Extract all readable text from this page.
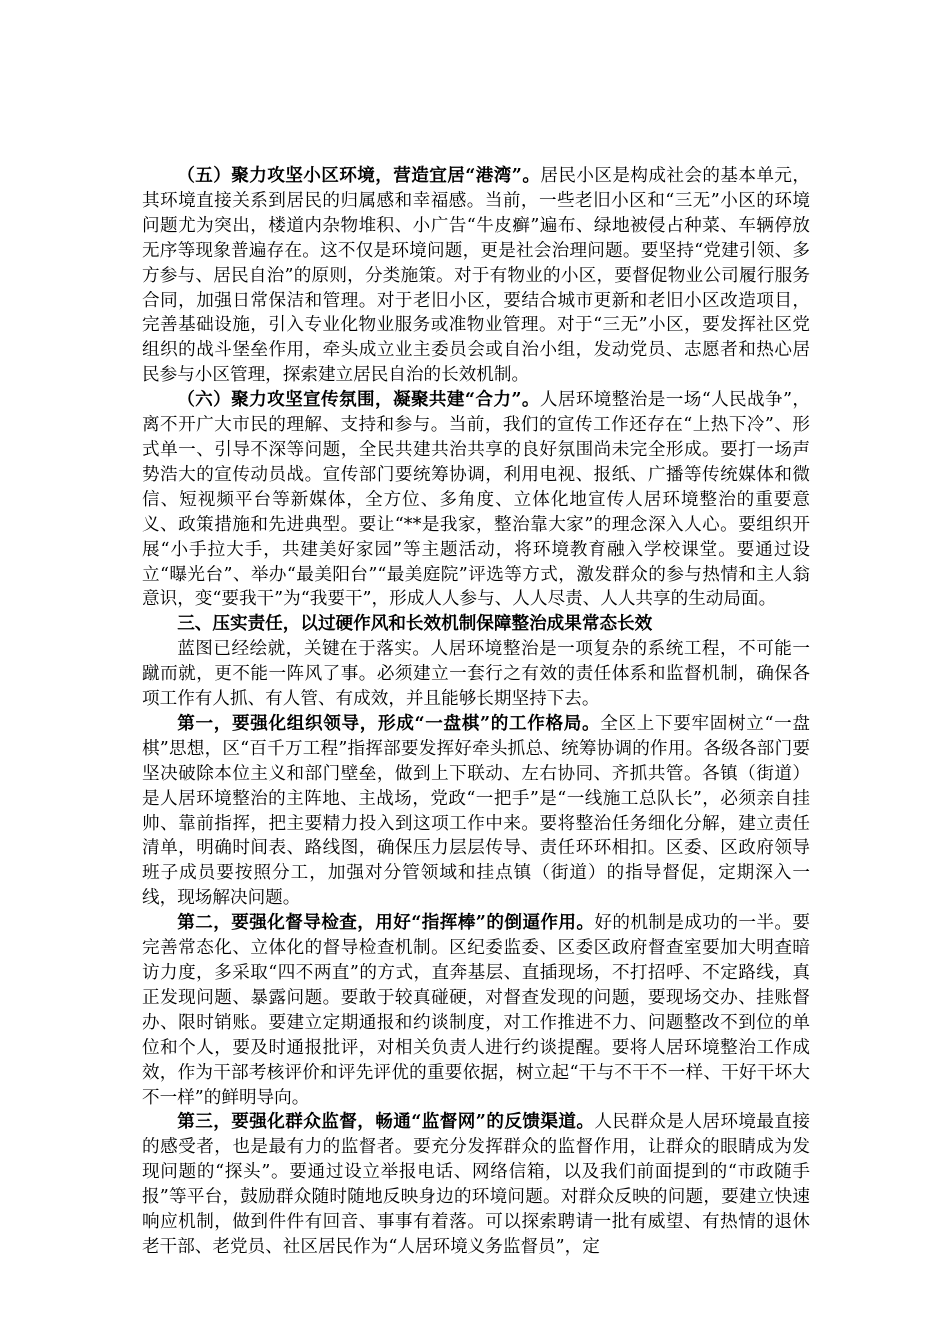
（五）聚力攻坚小区环境，营造宜居“港湾”。居民小区是构成社会的基本单元，其环境直接关系到居民的归属感和幸福感。当前，一些老旧小区和“三无”小区的环境问题尤为突出，楼道内杂物堆积、小广告“牛皮癣”遍布、绿地被侵占种菜、车辆停放无序等现象普遍存在。这不仅是环境问题，更是社会治理问题。要坚持“党建引领、多方参与、居民自治”的原则，分类施策。对于有物业的小区，要督促物业公司履行服务合同，加强日常保洁和管理。对于老旧小区，要结合城市更新和老旧小区改造项目，完善基础设施，引入专业化物业服务或准物业管理。对于“三无”小区，要发挥社区党组织的战斗堡垒作用，牵头成立业主委员会或自治小组，发动党员、志愿者和热心居民参与小区管理，探索建立居民自治的长效机制。

（六）聚力攻坚宣传氛围，凝聚共建“合力”。人居环境整治是一场“人民战争”，离不开广大市民的理解、支持和参与。当前，我们的宣传工作还存在“上热下冷”、形式单一、引导不深等问题，全民共建共治共享的良好氛围尚未完全形成。要打一场声势浩大的宣传动员战。宣传部门要统筹协调，利用电视、报纸、广播等传统媒体和微信、短视频平台等新媒体，全方位、多角度、立体化地宣传人居环境整治的重要意义、政策措施和先进典型。要让“**是我家，整治靠大家”的理念深入人心。要组织开展“小手拉大手，共建美好家园”等主题活动，将环境教育融入学校课堂。要通过设立“曝光台”、举办“最美阳台”“最美庭院”评选等方式，激发群众的参与热情和主人翁意识，变“要我干”为“我要干”，形成人人参与、人人尽责、人人共享的生动局面。

三、压实责任，以过硬作风和长效机制保障整治成果常态长效

蓝图已经绘就，关键在于落实。人居环境整治是一项复杂的系统工程，不可能一蹴而就，更不能一阵风了事。必须建立一套行之有效的责任体系和监督机制，确保各项工作有人抓、有人管、有成效，并且能够长期坚持下去。

第一，要强化组织领导，形成“一盘棋”的工作格局。全区上下要牢固树立“一盘棋”思想，区“百千万工程”指挥部要发挥好牵头抓总、统筹协调的作用。各级各部门要坚决破除本位主义和部门壁垒，做到上下联动、左右协同、齐抓共管。各镇（街道）是人居环境整治的主阵地、主战场，党政“一把手”是“一线施工总队长”，必须亲自挂帅、靠前指挥，把主要精力投入到这项工作中来。要将整治任务细化分解，建立责任清单，明确时间表、路线图，确保压力层层传导、责任环环相扣。区委、区政府领导班子成员要按照分工，加强对分管领域和挂点镇（街道）的指导督促，定期深入一线，现场解决问题。

第二，要强化督导检查，用好“指挥棒”的倒逼作用。好的机制是成功的一半。要完善常态化、立体化的督导检查机制。区纪委监委、区委区政府督查室要加大明查暗访力度，多采取“四不两直”的方式，直奔基层、直插现场，不打招呼、不定路线，真正发现问题、暴露问题。要敢于较真碰硬，对督查发现的问题，要现场交办、挂账督办、限时销账。要建立定期通报和约谈制度，对工作推进不力、问题整改不到位的单位和个人，要及时通报批评，对相关负责人进行约谈提醒。要将人居环境整治工作成效，作为干部考核评价和评先评优的重要依据，树立起“干与不干不一样、干好干坏大不一样”的鲜明导向。

第三，要强化群众监督，畅通“监督网”的反馈渠道。人民群众是人居环境最直接的感受者，也是最有力的监督者。要充分发挥群众的监督作用，让群众的眼睛成为发现问题的“探头”。要通过设立举报电话、网络信箱，以及我们前面提到的“市政随手报”等平台，鼓励群众随时随地反映身边的环境问题。对群众反映的问题，要建立快速响应机制，做到件件有回音、事事有着落。可以探索聘请一批有威望、有热情的退休老干部、老党员、社区居民作为“人居环境义务监督员”，定
